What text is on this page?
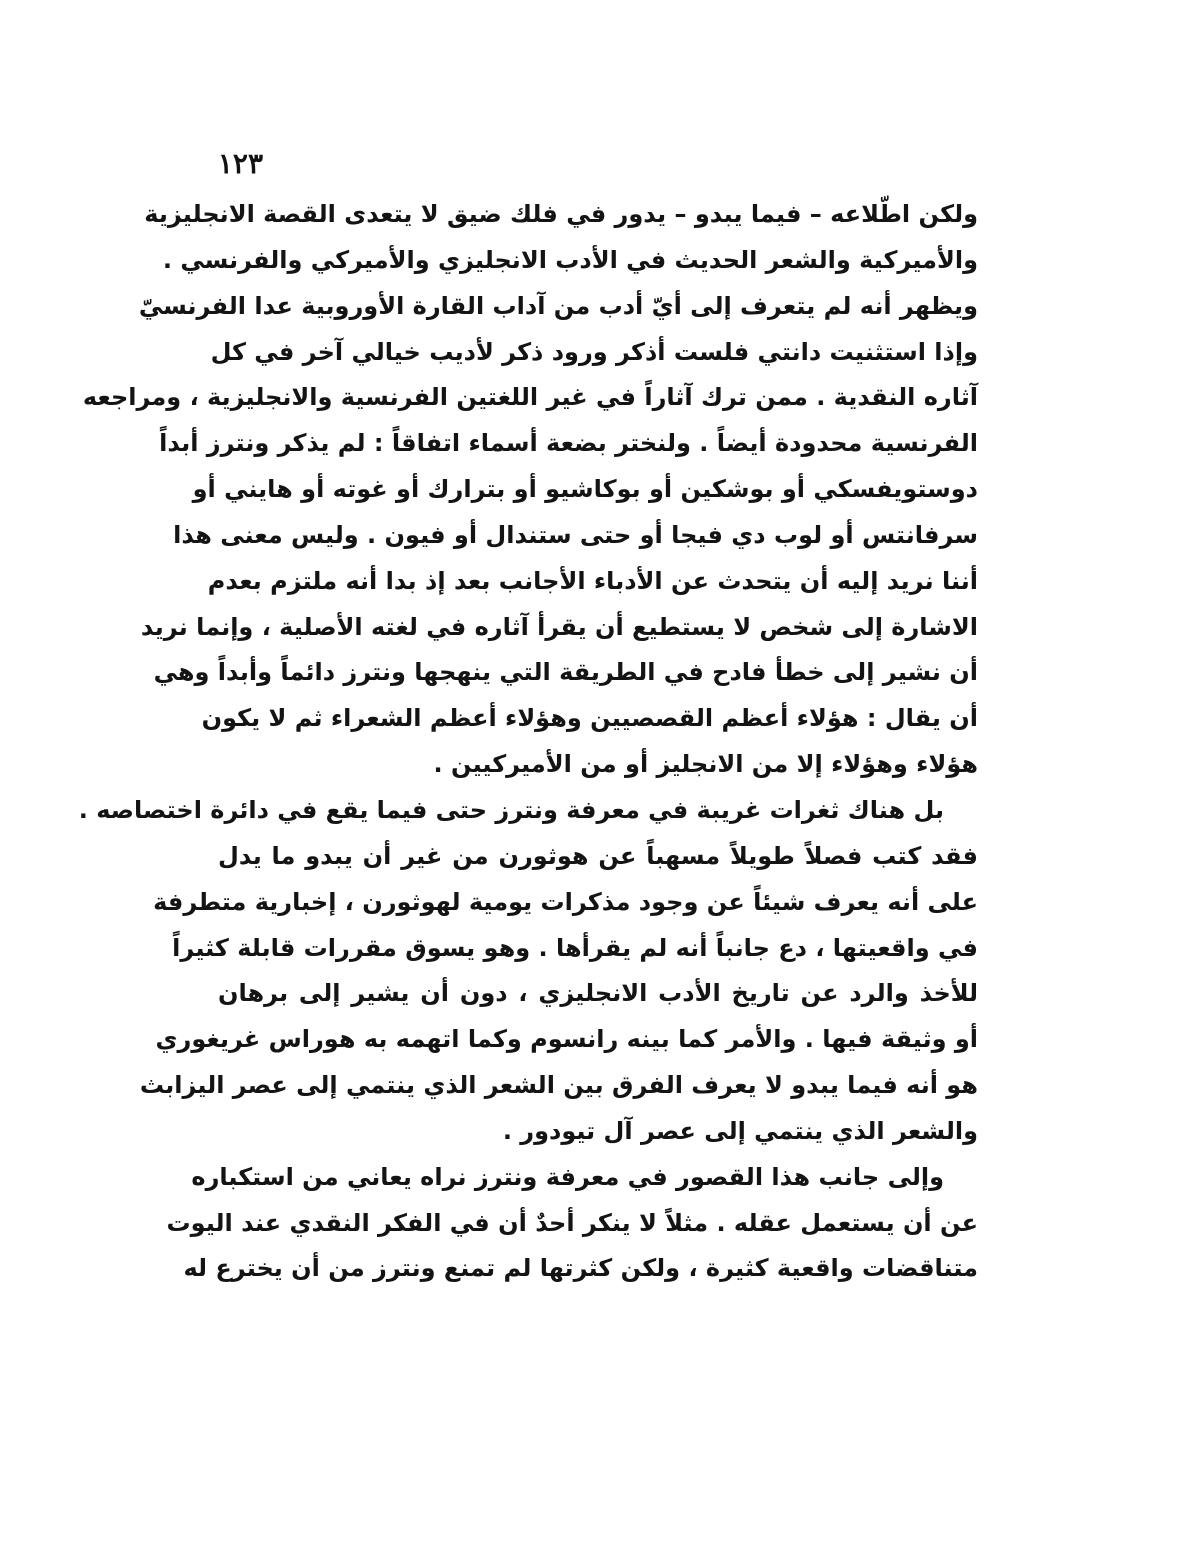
١٢٣
ولكن اطّلاعه – فيما يبدو – يدور في فلك ضيق لا يتعدى القصة الانجليزية
والأميركية والشعر الحديث في الأدب الانجليزي والأميركي والفرنسي .
ويظهر أنه لم يتعرف إلى أيّ أدب من آداب القارة الأوروبية عدا الفرنسيّ
وإذا استثنيت دانتي فلست أذكر ورود ذكر لأديب خيالي آخر في كل
آثاره النقدية . ممن ترك آثاراً في غير اللغتين الفرنسية والانجليزية ، ومراجعه
الفرنسية محدودة أيضاً . ولنختر بضعة أسماء اتفاقاً : لم يذكر ونترز أبداً
دوستويفسكي أو بوشكين أو بوكاشيو أو بترارك أو غوته أو هايني أو
سرفانتس أو لوب دي فيجا أو حتى ستندال أو فيون . وليس معنى هذا
أننا نريد إليه أن يتحدث عن الأدباء الأجانب بعد إذ بدا أنه ملتزم بعدم
الاشارة إلى شخص لا يستطيع أن يقرأ آثاره في لغته الأصلية ، وإنما نريد
أن نشير إلى خطأ فادح في الطريقة التي ينهجها ونترز دائماً وأبداً وهي
أن يقال : هؤلاء أعظم القصصيين وهؤلاء أعظم الشعراء ثم لا يكون
هؤلاء وهؤلاء إلا من الانجليز أو من الأميركيين .
بل هناك ثغرات غريبة في معرفة ونترز حتى فيما يقع في دائرة اختصاصه .
فقد كتب فصلاً طويلاً مسهباً عن هوثورن من غير أن يبدو ما يدل
على أنه يعرف شيئاً عن وجود مذكرات يومية لهوثورن ، إخبارية متطرفة
في واقعيتها ، دع جانباً أنه لم يقرأها . وهو يسوق مقررات قابلة كثيراً
للأخذ والرد عن تاريخ الأدب الانجليزي ، دون أن يشير إلى برهان
أو وثيقة فيها . والأمر كما بينه رانسوم وكما اتهمه به هوراس غريغوري
هو أنه فيما يبدو لا يعرف الفرق بين الشعر الذي ينتمي إلى عصر اليزابث
والشعر الذي ينتمي إلى عصر آل تيودور .
وإلى جانب هذا القصور في معرفة ونترز نراه يعاني من استكباره
عن أن يستعمل عقله . مثلاً لا ينكر أحدٌ أن في الفكر النقدي عند اليوت
متناقضات واقعية كثيرة ، ولكن كثرتها لم تمنع ونترز من أن يخترع له
